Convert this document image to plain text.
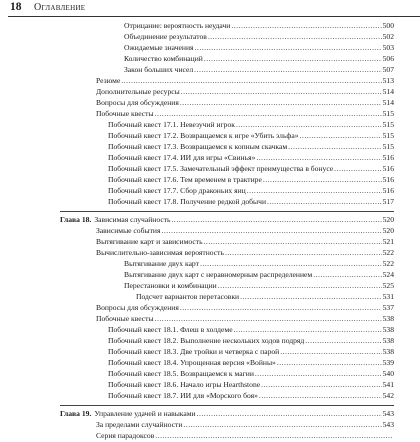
18 Оглавление
Отрицание: вероятность неудачи .....	500
Объединение результатов .....	502
Ожидаемые значения .....	503
Количество комбинаций .....	506
Закон больших чисел .....	507
Резюме .....	513
Дополнительные ресурсы .....	514
Вопросы для обсуждения .....	514
Побочные квесты .....	515
Побочный квест 17.1. Невезучий игрок .....	515
Побочный квест 17.2. Возвращаемся к игре «Убить эльфа» .....	515
Побочный квест 17.3. Возвращаемся к копным скачкам .....	515
Побочный квест 17.4. ИИ для игры «Свинья» .....	516
Побочный квест 17.5. Замечательный эффект преимущества в бонусе .....	516
Побочный квест 17.6. Тем временем в трактире .....	516
Побочный квест 17.7. Сбор драконьих яиц .....	516
Побочный квест 17.8. Получение редкой добычи .....	517
Глава 18. Зависимая случайность .....	520
Зависимые события .....	520
Вытягивание карт и зависимость .....	521
Вычислительно-зависимая вероятность .....	522
Вытягивание двух карт .....	522
Вытягивание двух карт с неравномерным распределением .....	524
Перестановки и комбинации .....	525
Подсчет вариантов перетасовки .....	531
Вопросы для обсуждения .....	537
Побочные квесты .....	538
Побочный квест 18.1. Флеш в холдеме .....	538
Побочный квест 18.2. Выполнение нескольких ходов подряд .....	538
Побочный квест 18.3. Две тройки и четверка с парой .....	538
Побочный квест 18.4. Упрощенная версия «Войны» .....	539
Побочный квест 18.5. Возвращаемся к магии .....	540
Побочный квест 18.6. Начало игры Hearthstone .....	541
Побочный квест 18.7. ИИ для «Морского боя» .....	542
Глава 19. Управление удачей и навыками .....	543
За пределами случайности .....	543
Серия парадоксов
.....
